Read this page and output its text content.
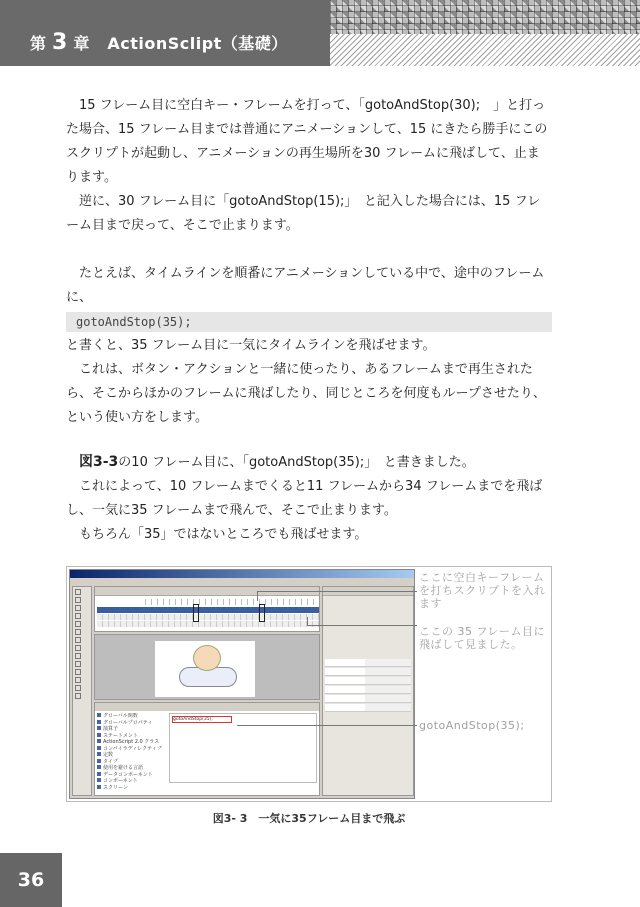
第 3 章 ActionSclipt（基礎）

15 フレーム目に空白キー・フレームを打って、「gotoAndStop(30);　」と打った場合、15 フレーム目までは普通にアニメーションして、15 にきたら勝手にこのスクリプトが起動し、アニメーションの再生場所を30 フレームに飛ばして、止まります。

逆に、30 フレーム目に「gotoAndStop(15);」　と記入した場合には、15 フレーム目まで戻って、そこで止まります。

たとえば、タイムラインを順番にアニメーションしている中で、途中のフレームに、

gotoAndStop(35);

と書くと、35 フレーム目に一気にタイムラインを飛ばせます。

これは、ボタン・アクションと一緒に使ったり、あるフレームまで再生されたら、そこからほかのフレームに飛ばしたり、同じところを何度もループさせたり、という使い方をします。

図3-3の10 フレーム目に、「gotoAndStop(35);」　と書きました。

これによって、10 フレームまでくると11 フレームから34 フレームまでを飛ばし、一気に35 フレームまで飛んで、そこで止まります。

もちろん「35」ではないところでも飛ばせます。

グローバル関数
グローバルプロパティ
演算子
ステートメント
ActionScript 2.0 クラス
コンパイラディレクティブ
定数
タイプ
使用を避ける言語
データコンポーネント
コンポーネント
スクリーン
gotoAndStop(35);
ここに空白キーフレームを打ちスクリプトを入れます
ここの 35 フレーム目に飛ばして見ました。
gotoAndStop(35);
図3- 3　一気に35フレーム目まで飛ぶ
36
